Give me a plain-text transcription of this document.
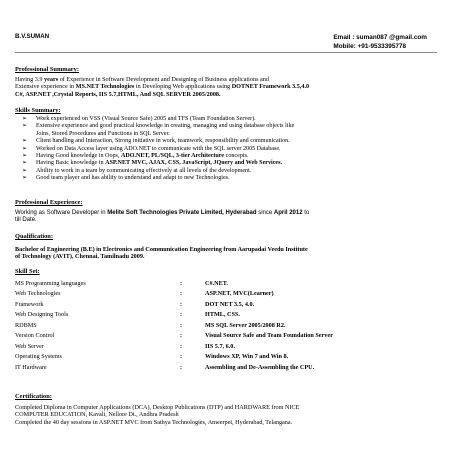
B.V.SUMAN	Email : suman087 @gmail.com
Mobile: +91-9533395778
Professional Summary:
Having 3.9 years of Experience in Software Development and Designing of Business applications and
Extensive experience in MS.NET Technologies in Developing Web applications using DOTNET Framework 3.5,4.0
C#, ASP.NET ,Crystal Reports, IIS 5.7,HTML, And SQL SERVER 2005/2008.
Skills Summary:
➢ Work experienced on VSS (Visual Source Safe) 2005 and TFS (Team Foundation Server).
➢ Extensive experience and good practical knowledge in creating, managing and using database objects like
Joins, Stored Procedures and Functions in SQL Server.
➢ Client handling and Interaction, Strong initiative in work, teamwork, responsibility and communication.
➢ Worked on Data Access layer using ADO.NET to communicate with the SQL server 2005 Database.
➢ Having Good knowledge in Oops, ADO.NET, PL/SQL, 3-tier Architecture concepts.
➢ Having Basic knowledge in ASP.NET MVC, AJAX, CSS, JavaScript, JQuery and Web Services.
➢ Ability to work in a team by communicating effectively at all levels of the development.
➢ Good team player and has ability to understand and adapt to new Technologies.
Professional Experience:
Working as Software Developer in Melite Soft Technologies Private Limited, Hyderabad since April 2012 to
till Date.
Qualification:
Bachelor of Engineering (B.E) in Electronics and Communication Engineering from Aarupadai Veedu Institute
of Technology (AVIT), Chennai, Tamilnadu 2009.
Skill Set:
MS Programming languages	:	C#.NET.
Web Technologies	:	ASP.NET, MVC(Learner)
Framework	:	DOT NET 3.5, 4.0.
Web Designing Tools	:	HTML, CSS.
RDBMS	:	MS SQL Server 2005/2008 R2.
Version Control	:	Visual Source Safe and Team Foundation Server
Web Server	:	IIS 5.7, 6.0.
Operating Systems	:	Windows XP, Win 7 and Win 8.
IT Hardware	:	Assembling and De-Assembling the CPU.
Certification:
Completed Diploma in Computer Applications (DCA), Desktop Publications (DTP) and HARDWARE from NICE
COMPUTER EDUCATION, Kavali, Nellore Dt., Andhra Pradesh
Completed the 40 day sessions in ASP.NET MVC from Sathya Technologies, Ameerpet, Hyderabad, Telangana.
